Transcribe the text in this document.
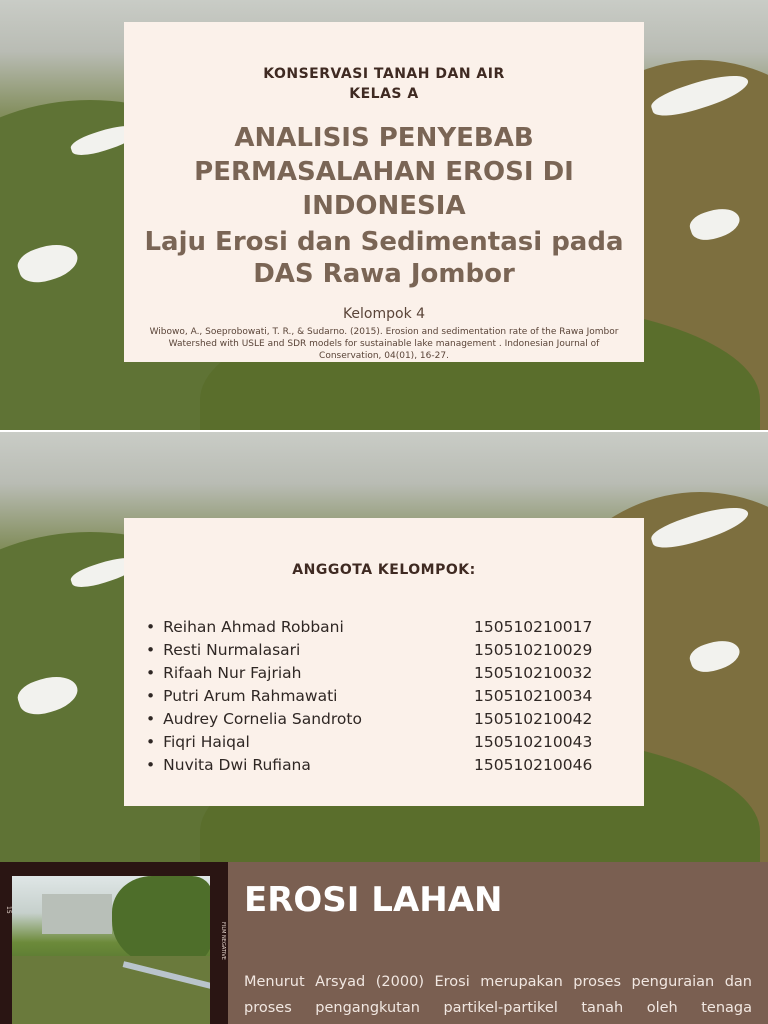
KONSERVASI TANAH DAN AIR
KELAS A
ANALISIS PENYEBAB
PERMASALAHAN EROSI DI
INDONESIA
Laju Erosi dan Sedimentasi pada
DAS Rawa Jombor
Kelompok 4
Wibowo, A., Soeprobowati, T. R., & Sudarno. (2015). Erosion and sedimentation rate of the Rawa Jombor Watershed with USLE and SDR models for sustainable lake management . Indonesian Journal of Conservation, 04(01), 16-27.
ANGGOTA KELOMPOK:
• Reihan Ahmad Robbani	150510210017
• Resti Nurmalasari	150510210029
• Rifaah Nur Fajriah	150510210032
• Putri Arum Rahmawati	150510210034
• Audrey Cornelia Sandroto	150510210042
• Fiqri Haiqal	150510210043
• Nuvita Dwi Rufiana	150510210046
15
FILM NEGATIVE
EROSI LAHAN
Menurut Arsyad (2000) Erosi merupakan proses penguraian dan
proses pengangkutan partikel-partikel tanah oleh tenaga
